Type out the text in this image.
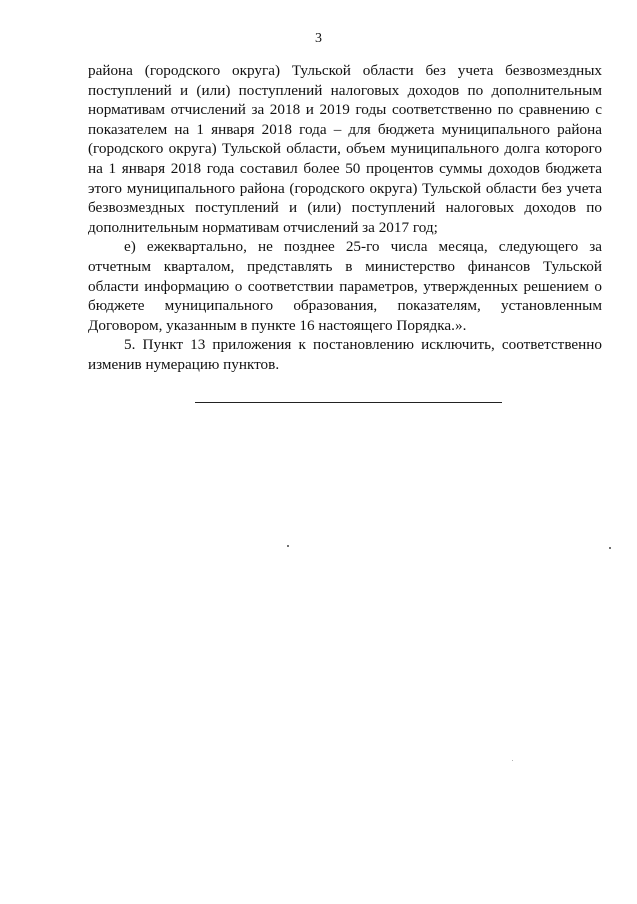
3

района (городского округа) Тульской области без учета безвозмездных поступлений и (или) поступлений налоговых доходов по дополнительным нормативам отчислений за 2018 и 2019 годы соответственно по сравнению с показателем на 1 января 2018 года – для бюджета муниципального района (городского округа) Тульской области, объем муниципального долга которого на 1 января 2018 года составил более 50 процентов суммы доходов бюджета этого муниципального района (городского округа) Тульской области без учета безвозмездных поступлений и (или) поступлений налоговых доходов по дополнительным нормативам отчислений за 2017 год;

е) ежеквартально, не позднее 25-го числа месяца, следующего за отчетным кварталом, представлять в министерство финансов Тульской области информацию о соответствии параметров, утвержденных решением о бюджете муниципального образования, показателям, установленным Договором, указанным в пункте 16 настоящего Порядка.».

5. Пункт 13 приложения к постановлению исключить, соответственно изменив нумерацию пунктов.
